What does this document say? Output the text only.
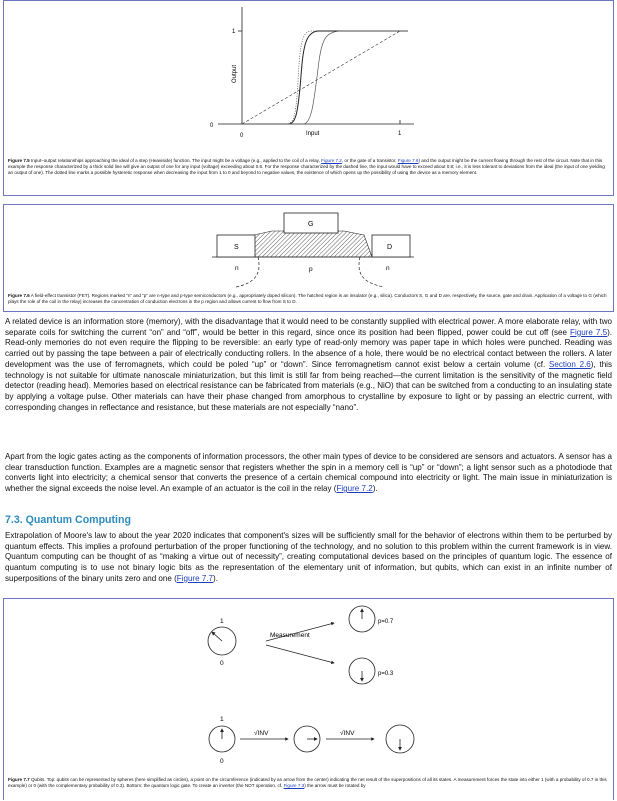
1
0
0	1
Input
Output
Figure 7.5 Input–output relationships approaching the ideal of a step (Heaviside) function. The input might be a voltage (e.g., applied to the coil of a relay, Figure 7.2, or the gate of a transistor, Figure 7.6) and the output might be the current flowing through the rest of the circuit. Note that in this example the response characterized by a thick solid line will give an output of one for any input (voltage) exceeding about 0.6. For the response characterized by the dashed line, the input would have to exceed about 0.8; i.e., it is less tolerant to deviations from the ideal (the input of one yielding an output of one). The dotted line marks a possible hysteretic response when decreasing the input from 1 to 0 and beyond to negative values, the existence of which opens up the possibility of using the device as a memory element.
G
S	D
n	p	n
Figure 7.6 A field-effect transistor (FET). Regions marked “n” and “p” are n-type and p-type semiconductors (e.g., appropriately doped silicon). The hatched region is an insulator (e.g., silica). Conductors S, G and D are, respectively, the source, gate and drain. Application of a voltage to G (which plays the role of the coil in the relay) increases the concentration of conduction electrons in the p region and allows current to flow from S to D.

A related device is an information store (memory), with the disadvantage that it would need to be constantly supplied with electrical power. A more elaborate relay, with two separate coils for switching the current “on” and “off”, would be better in this regard, since once its position had been flipped, power could be cut off (see Figure 7.5). Read-only memories do not even require the flipping to be reversible: an early type of read-only memory was paper tape in which holes were punched. Reading was carried out by passing the tape between a pair of electrically conducting rollers. In the absence of a hole, there would be no electrical contact between the rollers. A later development was the use of ferromagnets, which could be poled “up” or “down”. Since ferromagnetism cannot exist below a certain volume (cf. Section 2.6), this technology is not suitable for ultimate nanoscale miniaturization, but this limit is still far from being reached—the current limitation is the sensitivity of the magnetic field detector (reading head). Memories based on electrical resistance can be fabricated from materials (e.g., NiO) that can be switched from a conducting to an insulating state by applying a voltage pulse. Other materials can have their phase changed from amorphous to crystalline by exposure to light or by passing an electric current, with corresponding changes in reflectance and resistance, but these materials are not especially “nano”.

Apart from the logic gates acting as the components of information processors, the other main types of device to be considered are sensors and actuators. A sensor has a clear transduction function. Examples are a magnetic sensor that registers whether the spin in a memory cell is “up” or “down”; a light sensor such as a photodiode that converts light into electricity; a chemical sensor that converts the presence of a certain chemical compound into electricity or light. The main issue in miniaturization is whether the signal exceeds the noise level. An example of an actuator is the coil in the relay (Figure 7.2).

7.3. Quantum Computing

Extrapolation of Moore's law to about the year 2020 indicates that component's sizes will be sufficiently small for the behavior of electrons within them to be perturbed by quantum effects. This implies a profound perturbation of the proper functioning of the technology, and no solution to this problem within the current framework is in view. Quantum computing can be thought of as “making a virtue out of necessity”, creating computational devices based on the principles of quantum logic. The essence of quantum computing is to use not binary logic bits as the representation of the elementary unit of information, but qubits, which can exist in an infinite number of superpositions of the binary units zero and one (Figure 7.7).

1
0
Measurement
p=0.7
p=0.3
1
0
√INV	√INV
Figure 7.7 Qubits. Top: qubits can be represented by spheres (here simplified as circles), a point on the circumference (indicated by an arrow from the center) indicating the net result of the superpositions of all its states. A measurement forces the state into either 1 (with a probability of 0.7 in this example) or 0 (with the complementary probability of 0.3). Bottom: the quantum logic gate. To create an inverter (the NOT operation, cf. Figure 7.3) the arrow must be rotated by
